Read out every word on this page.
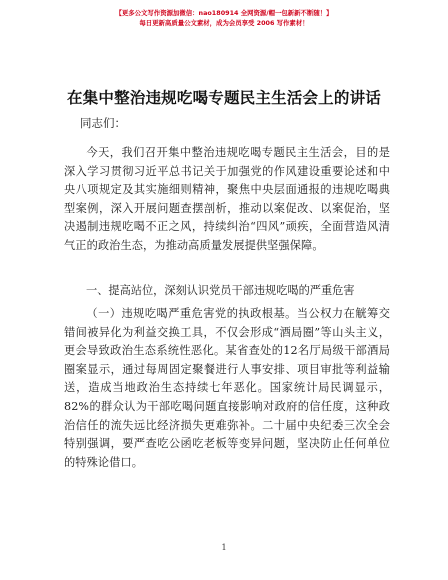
【更多公文写作资源加微信：nao180914 全网资源/帽一包新新不断随！】
每日更新高质量公文素材，成为会员享受 2006 写作素材！
在集中整治违规吃喝专题民主生活会上的讲话
同志们：
今天，我们召开集中整治违规吃喝专题民主生活会，目的是深入学习贯彻习近平总书记关于加强党的作风建设重要论述和中央八项规定及其实施细则精神，聚焦中央层面通报的违规吃喝典型案例，深入开展问题查摆剖析，推动以案促改、以案促治，坚决遏制违规吃喝不正之风，持续纠治“四风”顽疾，全面营造风清气正的政治生态，为推动高质量发展提供坚强保障。
一、提高站位，深刻认识党员干部违规吃喝的严重危害
（一）违规吃喝严重危害党的执政根基。当公权力在觥筹交错间被异化为利益交换工具，不仅会形成“酒局圈”等山头主义，更会导致政治生态系统性恶化。某省查处的12名厅局级干部酒局圈案显示，通过每周固定聚餐进行人事安排、项目审批等利益输送，造成当地政治生态持续七年恶化。国家统计局民调显示，82%的群众认为干部吃喝问题直接影响对政府的信任度，这种政治信任的流失远比经济损失更难弥补。二十届中央纪委三次全会特别强调，要严查吃公函吃老板等变异问题，坚决防止任何单位的特殊论借口。
1
